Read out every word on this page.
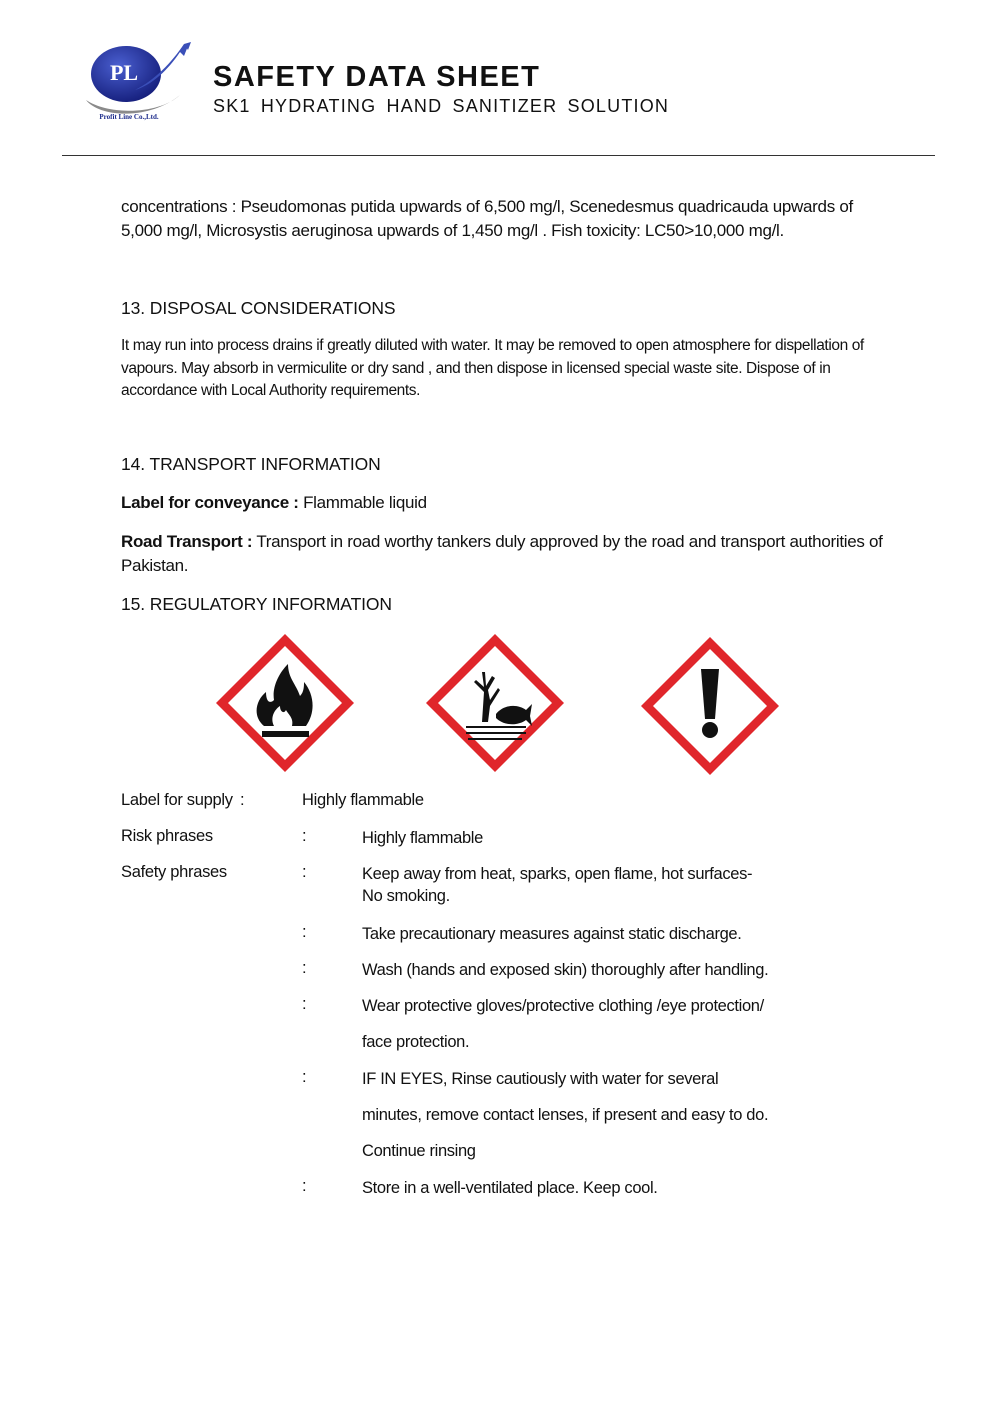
PL
Profit Line Co.,Ltd.
SAFETY DATA SHEET
SK1 HYDRATING HAND SANITIZER SOLUTION

concentrations : Pseudomonas putida upwards of 6,500 mg/l, Scenedesmus quadricauda upwards of 5,000 mg/l, Microsystis aeruginosa upwards of 1,450 mg/l . Fish toxicity: LC50>10,000 mg/l.

13. DISPOSAL CONSIDERATIONS

It may run into process drains if greatly diluted with water. It may be removed to open atmosphere for dispellation of vapours. May absorb in vermiculite or dry sand , and then dispose in licensed special waste site. Dispose of in accordance with Local Authority requirements.

14. TRANSPORT INFORMATION

Label for conveyance : Flammable liquid

Road Transport : Transport in road worthy tankers duly approved by the road and transport authorities of Pakistan.

15. REGULATORY INFORMATION
Label for supply :	Highly flammable
Risk phrases	:	Highly flammable
Safety phrases	:	Keep away from heat, sparks, open flame, hot surfaces- No smoking.
:	Take precautionary measures against static discharge.
:	Wash (hands and exposed skin) thoroughly after handling.
:	Wear protective gloves/protective clothing /eye protection/
face protection.
:	IF IN EYES, Rinse cautiously with water for several
minutes, remove contact lenses, if present and easy to do.
Continue rinsing
:	Store in a well-ventilated place. Keep cool.
